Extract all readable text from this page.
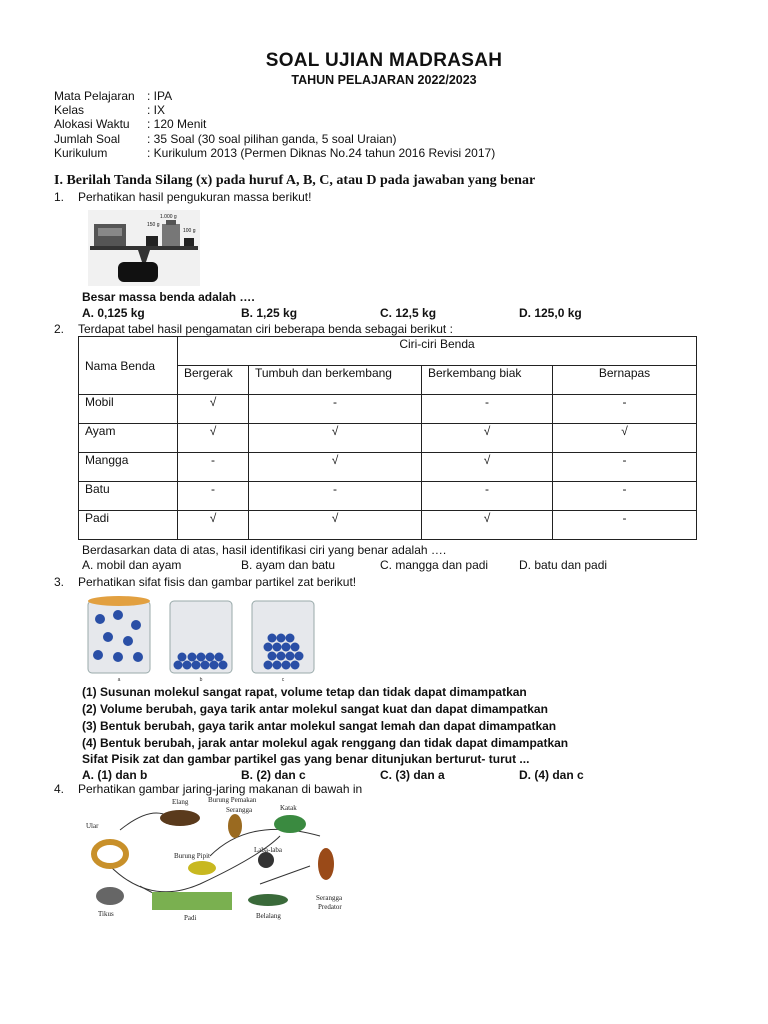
SOAL UJIAN MADRASAH
TAHUN PELAJARAN 2022/2023
Mata Pelajaran	: IPA
Kelas	: IX
Alokasi Waktu	: 120 Menit
Jumlah Soal	: 35 Soal (30 soal pilihan ganda, 5 soal Uraian)
Kurikulum	: Kurikulum 2013 (Permen Diknas No.24 tahun 2016 Revisi 2017)
I. Berilah Tanda Silang (x) pada huruf A, B, C, atau D pada jawaban yang benar
1. Perhatikan hasil pengukuran massa berikut!
150 g
1.000 g
100 g
Besar massa benda adalah ….
A. 0,125 kg	B. 1,25 kg	C. 12,5 kg	D. 125,0 kg
2. Terdapat tabel hasil pengamatan ciri beberapa benda sebagai berikut :
Nama Benda	Ciri-ciri Benda			
	Bergerak	Tumbuh dan berkembang	Berkembang biak	Bernapas
Mobil	√	-	-	-
Ayam	√	√	√	√
Mangga	-	√	√	-
Batu	-	-	-	-
Padi	√	√	√	-
Berdasarkan data di atas, hasil identifikasi ciri yang benar adalah ….
A. mobil dan ayam	B. ayam dan batu	C. mangga dan padi	D. batu dan padi
3. Perhatikan sifat fisis dan gambar partikel zat berikut!
a	b	c
(1) Susunan molekul sangat rapat, volume tetap dan tidak dapat dimampatkan
(2) Volume berubah, gaya tarik antar molekul sangat kuat dan dapat dimampatkan
(3) Bentuk berubah, gaya tarik antar molekul sangat lemah dan dapat dimampatkan
(4) Bentuk berubah, jarak antar molekul agak renggang dan tidak dapat dimampatkan
Sifat Pisik zat dan gambar partikel gas yang benar ditunjukan berturut- turut ...
A. (1) dan b	B. (2) dan c	C. (3) dan a	D. (4) dan c
4. Perhatikan gambar jaring-jaring makanan di bawah in
Elang	Burung Pemakan
Serangga	Katak
Ular
Burung Pipit
Laba-laba
Tikus	Padi	Belalang
Serangga
Predator
